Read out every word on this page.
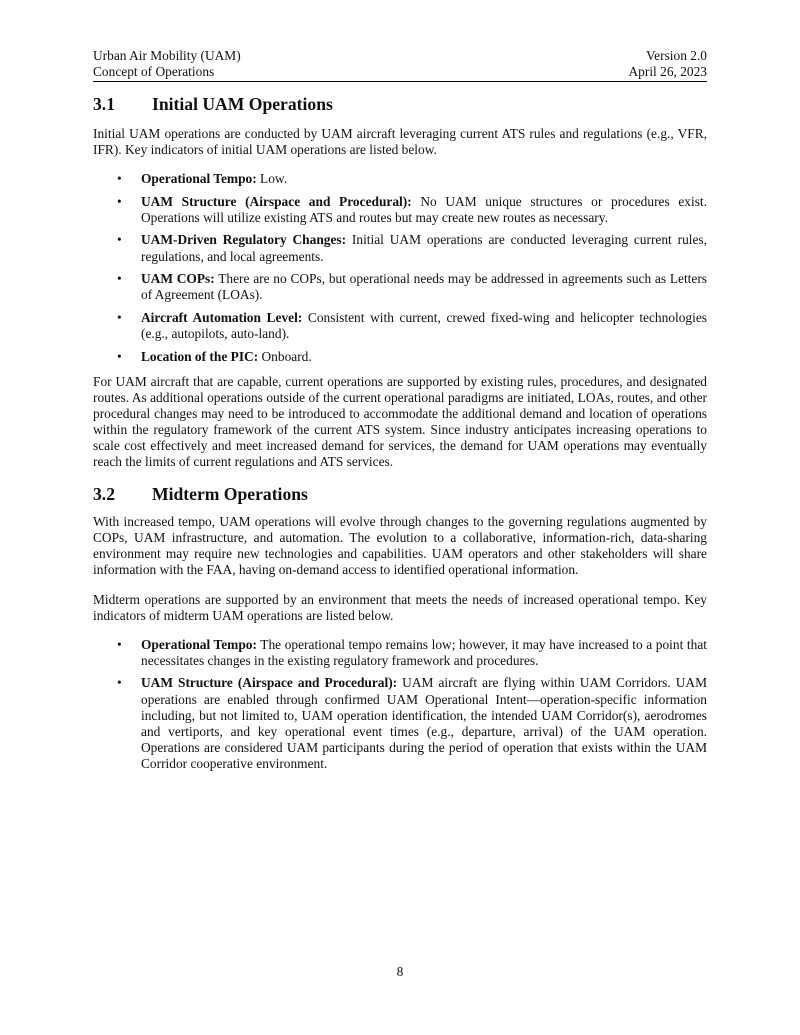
Urban Air Mobility (UAM)
Concept of Operations
Version 2.0
April 26, 2023
3.1 Initial UAM Operations

Initial UAM operations are conducted by UAM aircraft leveraging current ATS rules and regulations (e.g., VFR, IFR). Key indicators of initial UAM operations are listed below.

• Operational Tempo: Low.
• UAM Structure (Airspace and Procedural): No UAM unique structures or procedures exist. Operations will utilize existing ATS and routes but may create new routes as necessary.
• UAM-Driven Regulatory Changes: Initial UAM operations are conducted leveraging current rules, regulations, and local agreements.
• UAM COPs: There are no COPs, but operational needs may be addressed in agreements such as Letters of Agreement (LOAs).
• Aircraft Automation Level: Consistent with current, crewed fixed-wing and helicopter technologies (e.g., autopilots, auto-land).
• Location of the PIC: Onboard.

For UAM aircraft that are capable, current operations are supported by existing rules, procedures, and designated routes. As additional operations outside of the current operational paradigms are initiated, LOAs, routes, and other procedural changes may need to be introduced to accommodate the additional demand and location of operations within the regulatory framework of the current ATS system. Since industry anticipates increasing operations to scale cost effectively and meet increased demand for services, the demand for UAM operations may eventually reach the limits of current regulations and ATS services.

3.2 Midterm Operations

With increased tempo, UAM operations will evolve through changes to the governing regulations augmented by COPs, UAM infrastructure, and automation. The evolution to a collaborative, information-rich, data-sharing environment may require new technologies and capabilities. UAM operators and other stakeholders will share information with the FAA, having on-demand access to identified operational information.

Midterm operations are supported by an environment that meets the needs of increased operational tempo. Key indicators of midterm UAM operations are listed below.

• Operational Tempo: The operational tempo remains low; however, it may have increased to a point that necessitates changes in the existing regulatory framework and procedures.
• UAM Structure (Airspace and Procedural): UAM aircraft are flying within UAM Corridors. UAM operations are enabled through confirmed UAM Operational Intent—operation-specific information including, but not limited to, UAM operation identification, the intended UAM Corridor(s), aerodromes and vertiports, and key operational event times (e.g., departure, arrival) of the UAM operation. Operations are considered UAM participants during the period of operation that exists within the UAM Corridor cooperative environment.
8
